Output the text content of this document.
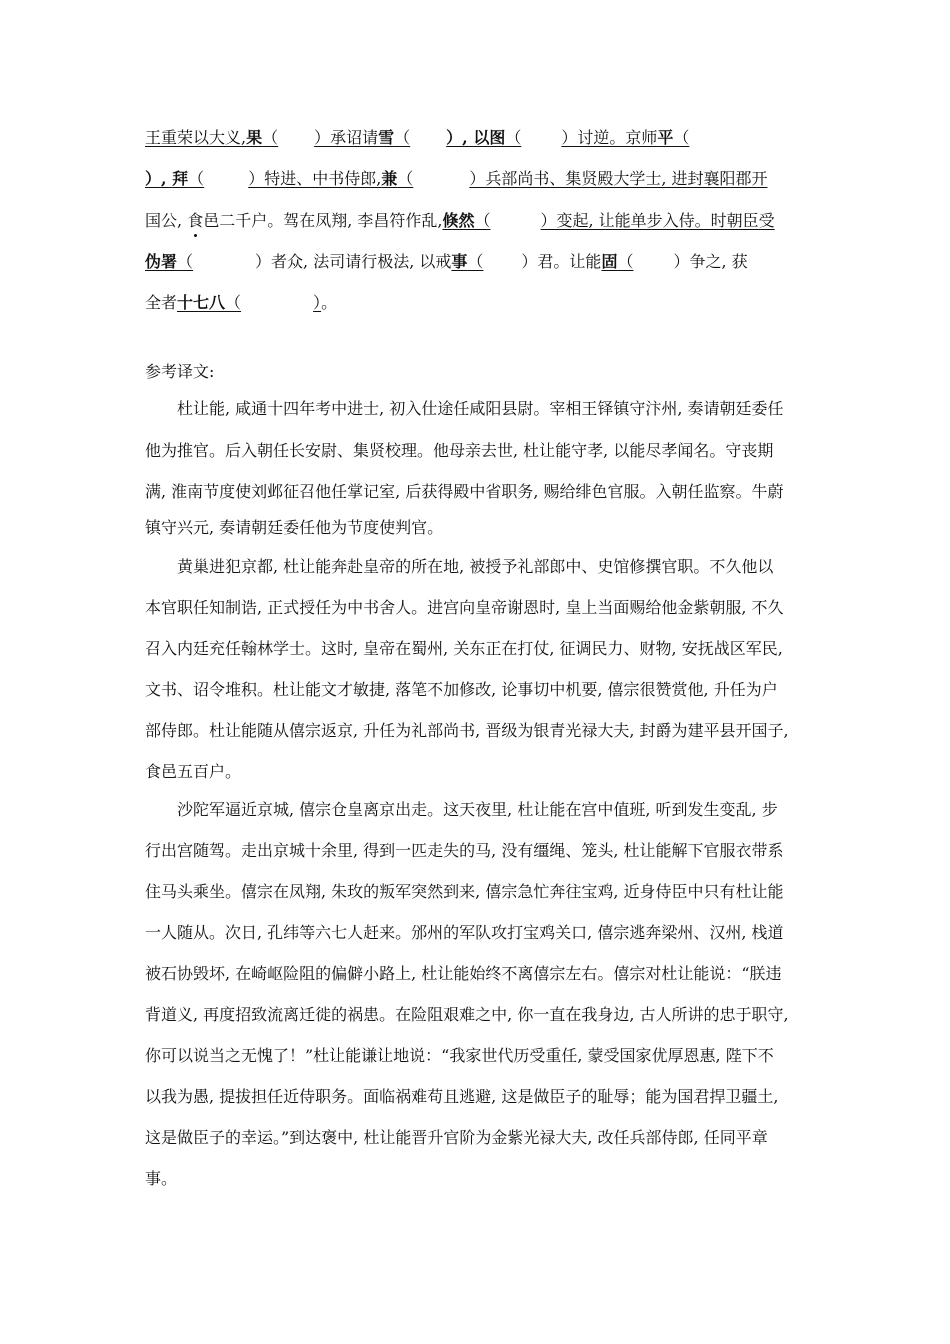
王重荣以大义,果（ ）承诏请雪（ ）, 以图（	）讨逆。京师平（
）, 拜（	）特进、中书侍郎,兼（	）兵部尚书、集贤殿大学士, 进封襄阳郡开
国公, 食邑二千户。驾在凤翔, 李昌符作乱,倏然（	）变起, 让能单步入侍。时朝臣受
伪署（	）者众, 法司请行极法, 以戒事（ ）君。让能固（	）争之, 获
全者十七八（	）。
参考译文:
杜让能, 咸通十四年考中进士, 初入仕途任咸阳县尉。宰相王铎镇守汴州, 奏请朝廷委任
他为推官。后入朝任长安尉、集贤校理。他母亲去世, 杜让能守孝, 以能尽孝闻名。守丧期
满, 淮南节度使刘邺征召他任掌记室, 后获得殿中省职务, 赐给绯色官服。入朝任监察。牛蔚
镇守兴元, 奏请朝廷委任他为节度使判官。
黄巢进犯京都, 杜让能奔赴皇帝的所在地, 被授予礼部郎中、史馆修撰官职。不久他以
本官职任知制诰, 正式授任为中书舍人。进宫向皇帝谢恩时, 皇上当面赐给他金紫朝服, 不久
召入内廷充任翰林学士。这时, 皇帝在蜀州, 关东正在打仗, 征调民力、财物, 安抚战区军民,
文书、诏令堆积。杜让能文才敏捷, 落笔不加修改, 论事切中机要, 僖宗很赞赏他, 升任为户
部侍郎。杜让能随从僖宗返京, 升任为礼部尚书, 晋级为银青光禄大夫, 封爵为建平县开国子,
食邑五百户。
沙陀军逼近京城, 僖宗仓皇离京出走。这天夜里, 杜让能在宫中值班, 听到发生变乱, 步
行出宫随驾。走出京城十余里, 得到一匹走失的马, 没有缰绳、笼头, 杜让能解下官服衣带系
住马头乘坐。僖宗在凤翔, 朱玫的叛军突然到来, 僖宗急忙奔往宝鸡, 近身侍臣中只有杜让能
一人随从。次日, 孔纬等六七人赶来。邠州的军队攻打宝鸡关口, 僖宗逃奔梁州、汉州, 栈道
被石协毁坏, 在崎岖险阻的偏僻小路上, 杜让能始终不离僖宗左右。僖宗对杜让能说：“朕违
背道义, 再度招致流离迁徙的祸患。在险阻艰难之中, 你一直在我身边, 古人所讲的忠于职守,
你可以说当之无愧了！”杜让能谦让地说：“我家世代历受重任, 蒙受国家优厚恩惠, 陛下不
以我为愚, 提拔担任近侍职务。面临祸难苟且逃避, 这是做臣子的耻辱；能为国君捍卫疆土,
这是做臣子的幸运。”到达褒中, 杜让能晋升官阶为金紫光禄大夫, 改任兵部侍郎, 任同平章
事。
